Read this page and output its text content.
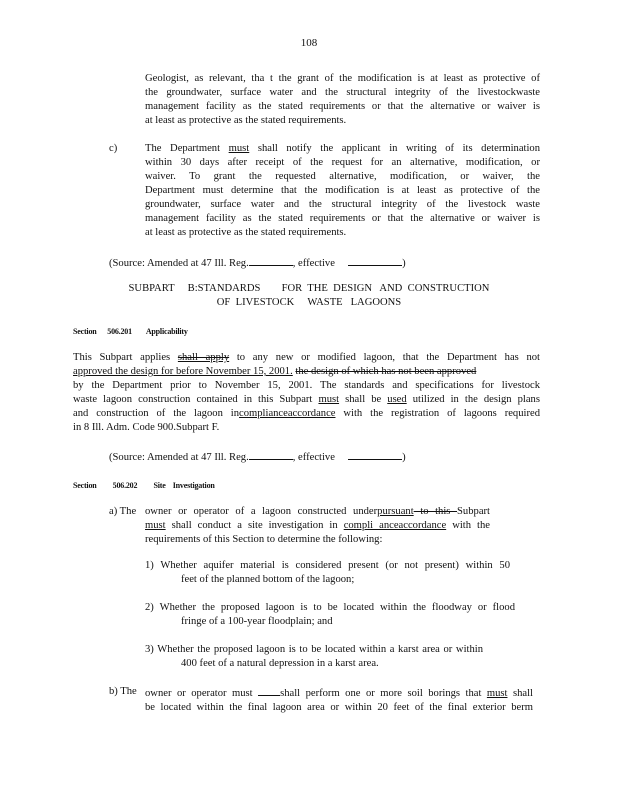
108
Geologist, as relevant, tha t the grant of the modification is at least as protective of
the groundwater, surface water and the structural integrity of the livestockwaste
management facility as the stated requirements or that the alternative or waiver is
at least as protective as the stated requirements.
c)	The Department must shall notify the applicant in writing of its determination
within 30 days after receipt of the request for an alternative, modification, or
waiver. To grant the requested alternative, modification, or waiver, the
Department must determine that the modification is at least as protective of the
groundwater, surface water and the structural integrity of the livestock waste
management facility as the stated requirements or that the alternative or waiver is
at least as protective as the stated requirements.
(Source: Amended at 47 Ill. Reg.	, effective	)
SUBPART     B:STANDARDS        FOR  THE  DESIGN   AND  CONSTRUCTION
OF  LIVESTOCK     WASTE   LAGOONS
Section      506.201        Applicability
This Subpart applies shall apply to any new or modified lagoon, that the Department has not
approved the design for before November 15, 2001. the design of which has not been approved
by the Department prior to November 15, 2001. The standards and specifications for livestock
waste lagoon construction contained in this Subpart must shall be used utilized in the design plans
and construction of the lagoon incomplianceaccordance with the registration of lagoons required
in 8 Ill. Adm. Code 900.Subpart F.
(Source: Amended at 47 Ill. Reg.	, effective	)
Section         506.202         Site    Investigation
a) The owner or operator of a lagoon constructed underpursuant to this Subpart
must shall conduct a site investigation in compli anceaccordance with the
requirements of this Section to determine the following:
1) Whether aquifer material is considered present (or not present) within 50
feet of the planned bottom of the lagoon;
2) Whether the proposed lagoon is to be located within the floodway or flood
fringe of a 100-year floodplain; and
3) Whether the proposed lagoon is to be located within a karst area or within
400 feet of a natural depression in a karst area.
b) The owner or operator must shall perform one or more soil borings that must shall
be located within the final lagoon area or within 20 feet of the final exterior berm
